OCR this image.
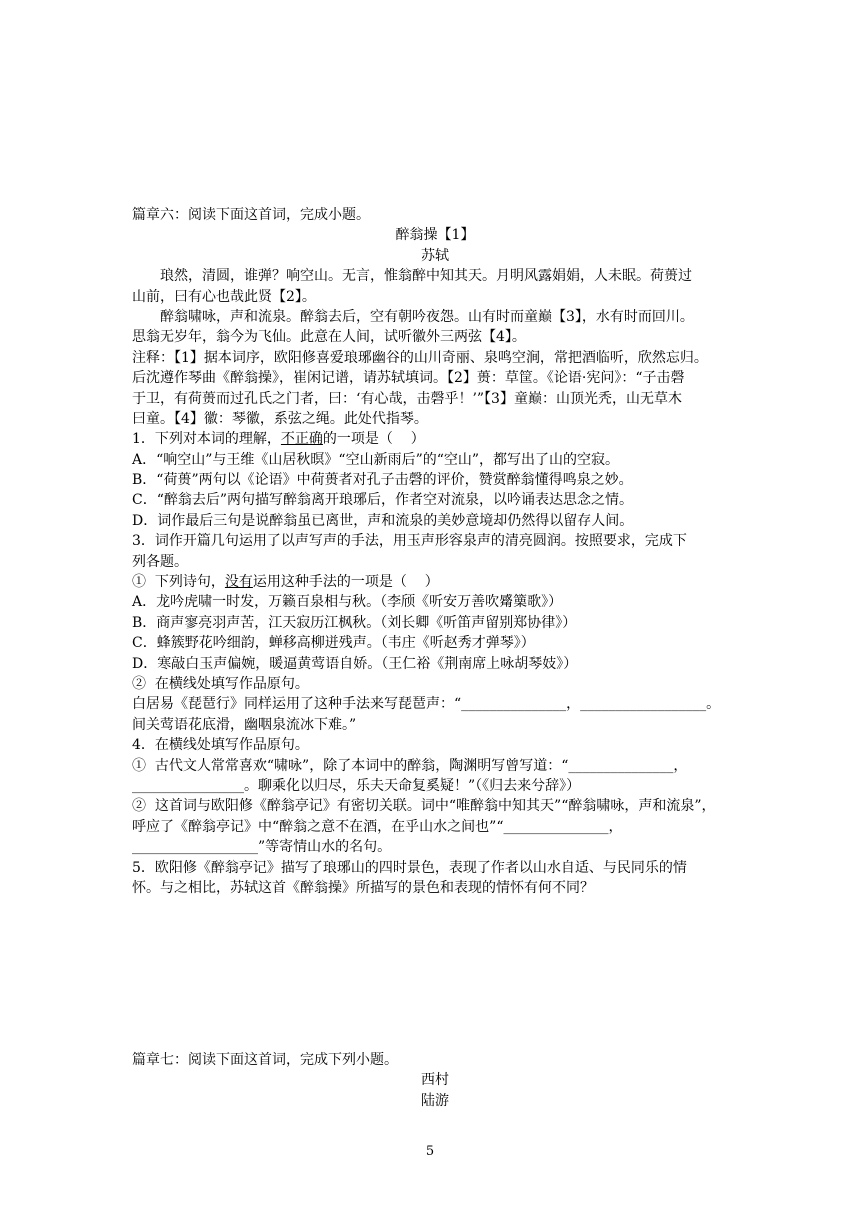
篇章六：阅读下面这首词，完成小题。
醉翁操【1】
苏轼
琅然，清圆，谁弹？响空山。无言，惟翁醉中知其天。月明风露娟娟，人未眠。荷蒉过
山前，曰有心也哉此贤【2】。
醉翁啸咏，声和流泉。醉翁去后，空有朝吟夜怨。山有时而童巅【3】，水有时而回川。
思翁无岁年，翁今为飞仙。此意在人间，试听徽外三两弦【4】。
注释：【1】据本词序，欧阳修喜爱琅琊幽谷的山川奇丽、泉鸣空涧，常把酒临听，欣然忘归。
后沈遵作琴曲《醉翁操》，崔闲记谱，请苏轼填词。【2】蒉：草筐。《论语·宪问》：“子击磬
于卫，有荷蒉而过孔氏之门者，曰：‘有心哉，击磬乎！’”【3】童巅：山顶光秃，山无草木
曰童。【4】徽：琴徽，系弦之绳。此处代指琴。
1．下列对本词的理解，不正确的一项是（    ）
A．“响空山”与王维《山居秋暝》“空山新雨后”的“空山”，都写出了山的空寂。
B．“荷蒉”两句以《论语》中荷蒉者对孔子击磬的评价，赞赏醉翁懂得鸣泉之妙。
C．“醉翁去后”两句描写醉翁离开琅琊后，作者空对流泉，以吟诵表达思念之情。
D．词作最后三句是说醉翁虽已离世，声和流泉的美妙意境却仍然得以留存人间。
3．词作开篇几句运用了以声写声的手法，用玉声形容泉声的清亮圆润。按照要求，完成下
列各题。
①  下列诗句，没有运用这种手法的一项是（    ）
A．龙吟虎啸一时发，万籁百泉相与秋。（李颀《听安万善吹觱篥歌》）
B．商声寥亮羽声苦，江天寂历江枫秋。（刘长卿《听笛声留别郑协律》）
C．蜂簇野花吟细韵，蝉移高柳迸残声。（韦庄《听赵秀才弹琴》）
D．寒敲白玉声偏婉，暖逼黄莺语自娇。（王仁裕《荆南席上咏胡琴妓》）
②  在横线处填写作品原句。
白居易《琵琶行》同样运用了这种手法来写琵琶声：“_______________，__________________。
间关莺语花底滑，幽咽泉流冰下难。”
4．在横线处填写作品原句。
①  古代文人常常喜欢“啸咏”，除了本词中的醉翁，陶渊明写曾写道：“_______________，
________________。聊乘化以归尽，乐夫天命复奚疑！”（《归去来兮辞》）
②  这首词与欧阳修《醉翁亭记》有密切关联。词中“唯醉翁中知其天”“醉翁啸咏，声和流泉”，
呼应了《醉翁亭记》中“醉翁之意不在酒，在乎山水之间也”“_______________，
__________________”等寄情山水的名句。
5．欧阳修《醉翁亭记》描写了琅琊山的四时景色，表现了作者以山水自适、与民同乐的情
怀。与之相比，苏轼这首《醉翁操》所描写的景色和表现的情怀有何不同？
篇章七：阅读下面这首词，完成下列小题。
西村
陆游
5
